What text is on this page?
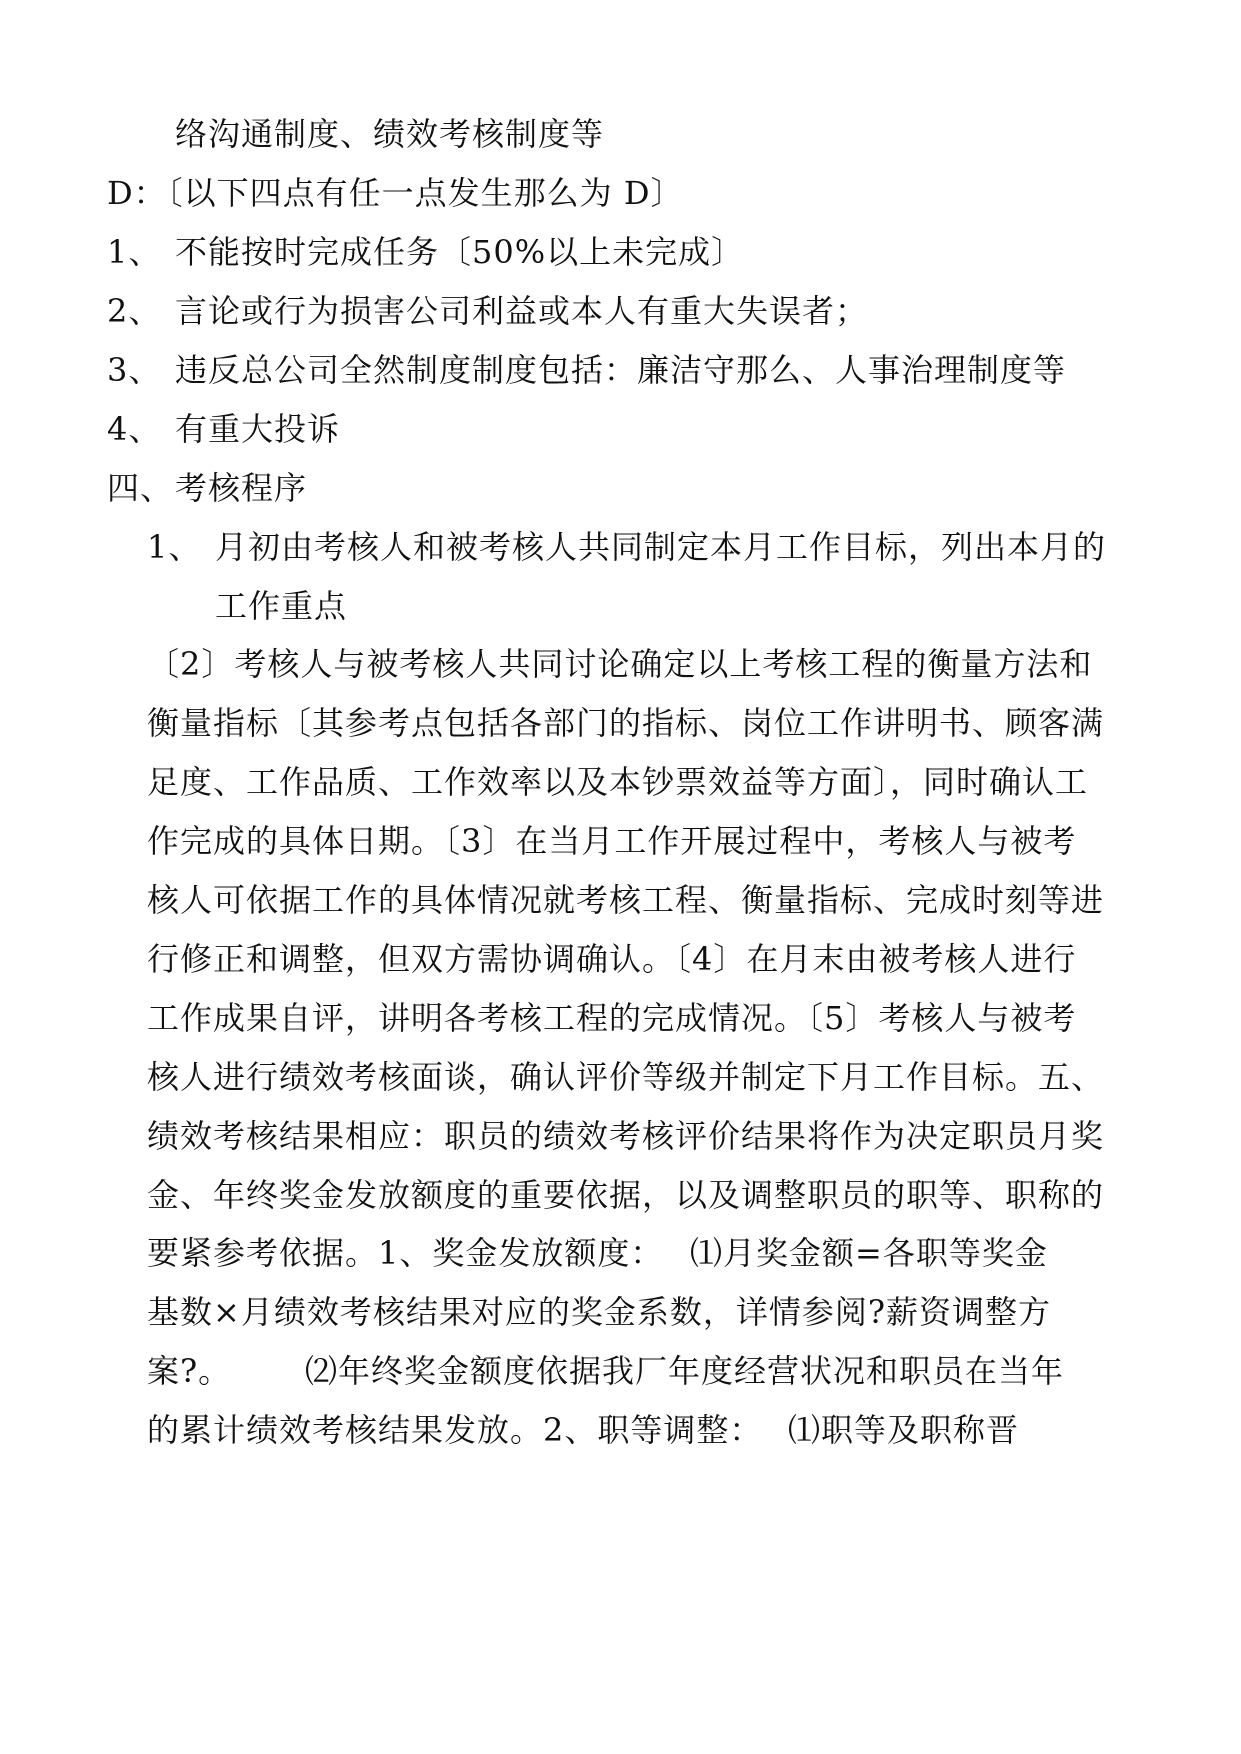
络沟通制度、绩效考核制度等
D：〔以下四点有任一点发生那么为 D〕
1、 不能按时完成任务〔50%以上未完成〕
2、 言论或行为损害公司利益或本人有重大失误者；
3、 违反总公司全然制度制度包括：廉洁守那么、人事治理制度等
4、 有重大投诉
四、 考核程序
1、 月初由考核人和被考核人共同制定本月工作目标，列出本月的
工作重点
〔2〕考核人与被考核人共同讨论确定以上考核工程的衡量方法和
衡量指标〔其参考点包括各部门的指标、岗位工作讲明书、顾客满
足度、工作品质、工作效率以及本钞票效益等方面〕，同时确认工
作完成的具体日期。〔3〕在当月工作开展过程中，考核人与被考
核人可依据工作的具体情况就考核工程、衡量指标、完成时刻等进
行修正和调整，但双方需协调确认。〔4〕在月末由被考核人进行
工作成果自评，讲明各考核工程的完成情况。〔5〕考核人与被考
核人进行绩效考核面谈，确认评价等级并制定下月工作目标。五、
绩效考核结果相应：职员的绩效考核评价结果将作为决定职员月奖
金、年终奖金发放额度的重要依据，以及调整职员的职等、职称的
要紧参考依据。1、奖金发放额度： ⑴月奖金额=各职等奖金
基数×月绩效考核结果对应的奖金系数，详情参阅?薪资调整方
案?。 ⑵年终奖金额度依据我厂年度经营状况和职员在当年
的累计绩效考核结果发放。2、职等调整： ⑴职等及职称晋
